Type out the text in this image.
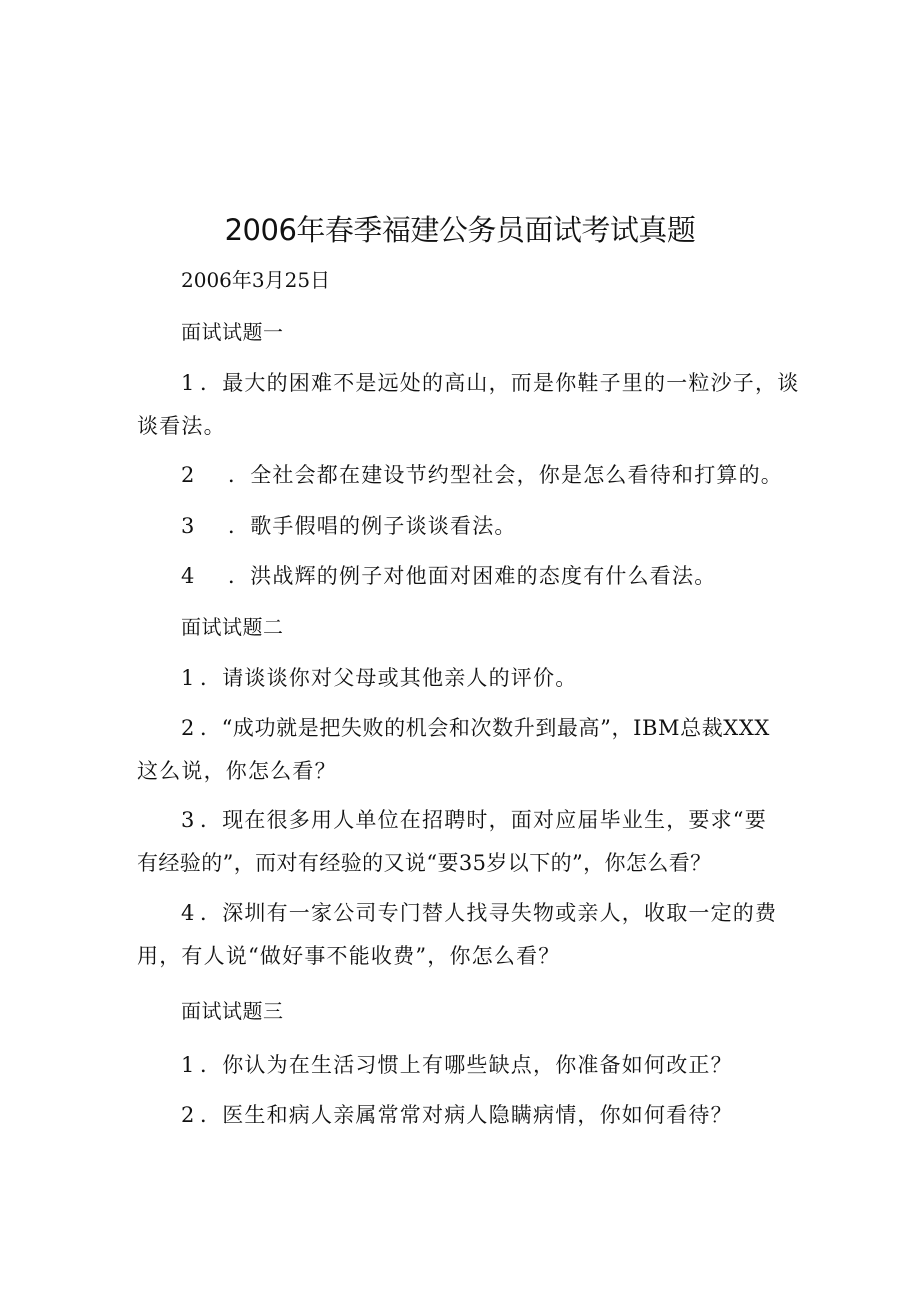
2006年春季福建公务员面试考试真题
2006年3月25日
面试试题一
1 ．最大的困难不是远处的高山，而是你鞋子里的一粒沙子，谈
谈看法。
2 ．全社会都在建设节约型社会，你是怎么看待和打算的。
3 ．歌手假唱的例子谈谈看法。
4 ．洪战辉的例子对他面对困难的态度有什么看法。
面试试题二
1 ．请谈谈你对父母或其他亲人的评价。
2 ．“成功就是把失败的机会和次数升到最高”，IBM总裁XXX
这么说，你怎么看？
3 ．现在很多用人单位在招聘时，面对应届毕业生，要求“要
有经验的”，而对有经验的又说“要35岁以下的”，你怎么看？
4 ．深圳有一家公司专门替人找寻失物或亲人，收取一定的费
用，有人说“做好事不能收费”，你怎么看？
面试试题三
1 ．你认为在生活习惯上有哪些缺点，你准备如何改正？
2 ．医生和病人亲属常常对病人隐瞒病情，你如何看待？
